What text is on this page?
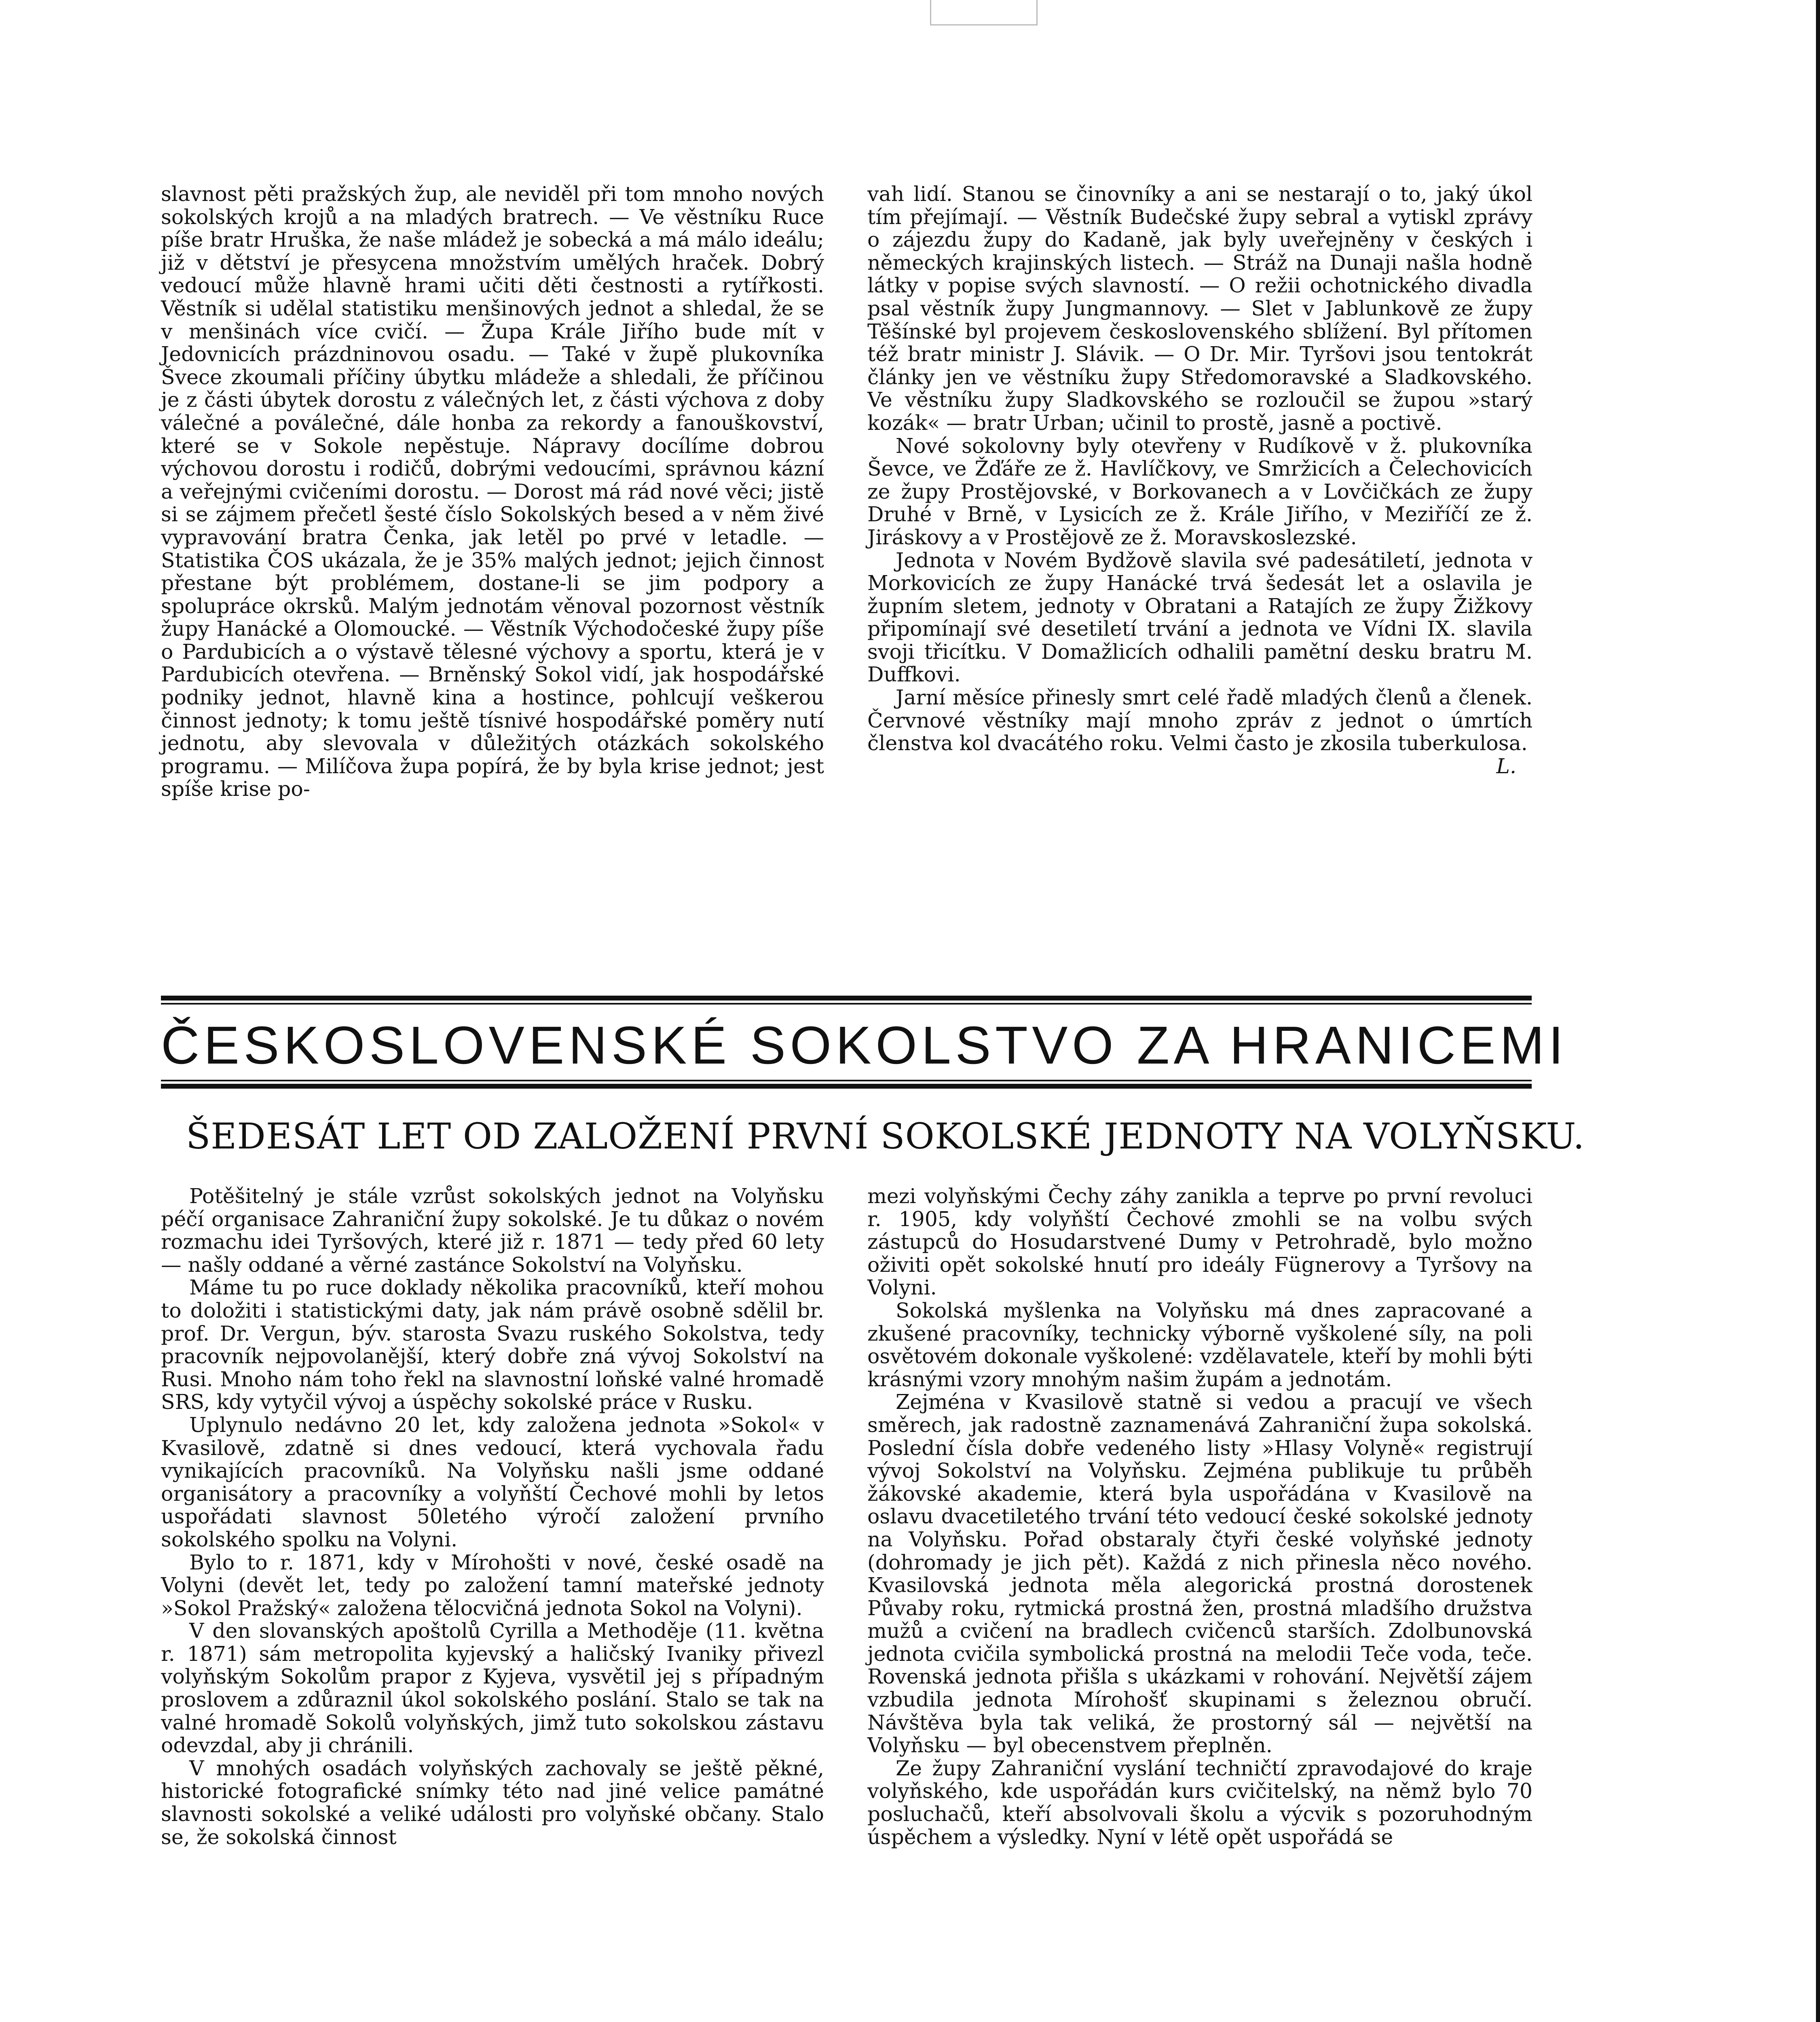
slavnost pěti pražských žup, ale neviděl při tom mnoho nových sokolských krojů a na mladých bratrech. — Ve věstníku Ruce píše bratr Hruška, že naše mládež je sobecká a má málo ideálu; již v dětství je přesycena množstvím umělých hraček. Dobrý vedoucí může hlavně hrami učiti děti čestnosti a rytířkosti. Věstník si udělal statistiku menšinových jednot a shledal, že se v menšinách více cvičí. — Župa Krále Jiřího bude mít v Jedovnicích prázdninovou osadu. — Také v župě plukovníka Švece zkoumali příčiny úbytku mládeže a shledali, že příčinou je z části úbytek dorostu z válečných let, z části výchova z doby válečné a poválečné, dále honba za rekordy a fanouškovství, které se v Sokole nepěstuje. Nápravy docílíme dobrou výchovou dorostu i rodičů, dobrými vedoucími, správnou kázní a veřejnými cvičeními dorostu. — Dorost má rád nové věci; jistě si se zájmem přečetl šesté číslo Sokolských besed a v něm živé vypravování bratra Čenka, jak letěl po prvé v letadle. — Statistika ČOS ukázala, že je 35% malých jednot; jejich činnost přestane být problémem, dostane-li se jim podpory a spolupráce okrsků. Malým jednotám věnoval pozornost věstník župy Hanácké a Olomoucké. — Věstník Východočeské župy píše o Pardubicích a o výstavě tělesné výchovy a sportu, která je v Pardubicích otevřena. — Brněnský Sokol vidí, jak hospodářské podniky jednot, hlavně kina a hostince, pohlcují veškerou činnost jednoty; k tomu ještě tísnivé hospodářské poměry nutí jednotu, aby slevovala v důležitých otázkách sokolského programu. — Milíčova župa popírá, že by byla krise jednot; jest spíše krise po-

vah lidí. Stanou se činovníky a ani se nestarají o to, jaký úkol tím přejímají. — Věstník Budečské župy sebral a vytiskl zprávy o zájezdu župy do Kadaně, jak byly uveřejněny v českých i německých krajinských listech. — Stráž na Dunaji našla hodně látky v popise svých slavností. — O režii ochotnického divadla psal věstník župy Jungmannovy. — Slet v Jablunkově ze župy Těšínské byl projevem československého sblížení. Byl přítomen též bratr ministr J. Slávik. — O Dr. Mir. Tyršovi jsou tentokrát články jen ve věstníku župy Středomoravské a Sladkovského. Ve věstníku župy Sladkovského se rozloučil se župou »starý kozák« — bratr Urban; učinil to prostě, jasně a poctivě.

Nové sokolovny byly otevřeny v Rudíkově v ž. plukovníka Ševce, ve Žďáře ze ž. Havlíčkovy, ve Smržicích a Čelechovicích ze župy Prostějovské, v Borkovanech a v Lovčičkách ze župy Druhé v Brně, v Lysicích ze ž. Krále Jiřího, v Meziříčí ze ž. Jiráskovy a v Prostějově ze ž. Moravskoslezské.

Jednota v Novém Bydžově slavila své padesátiletí, jednota v Morkovicích ze župy Hanácké trvá šedesát let a oslavila je župním sletem, jednoty v Obratani a Ratajích ze župy Žižkovy připomínají své desetiletí trvání a jednota ve Vídni IX. slavila svoji třicítku. V Domažlicích odhalili pamětní desku bratru M. Duffkovi.

Jarní měsíce přinesly smrt celé řadě mladých členů a členek. Červnové věstníky mají mnoho zpráv z jednot o úmrtích členstva kol dvacátého roku. Velmi často je zkosila tuberkulosa.
L.

ČESKOSLOVENSKÉ SOKOLSTVO ZA HRANICEMI
ŠEDESÁT LET OD ZALOŽENÍ PRVNÍ SOKOLSKÉ JEDNOTY NA VOLYŇSKU.

Potěšitelný je stále vzrůst sokolských jednot na Volyňsku péčí organisace Zahraniční župy sokolské. Je tu důkaz o novém rozmachu idei Tyršových, které již r. 1871 — tedy před 60 lety — našly oddané a věrné zastánce Sokolství na Volyňsku.

Máme tu po ruce doklady několika pracovníků, kteří mohou to doložiti i statistickými daty, jak nám právě osobně sdělil br. prof. Dr. Vergun, býv. starosta Svazu ruského Sokolstva, tedy pracovník nejpovolanější, který dobře zná vývoj Sokolství na Rusi. Mnoho nám toho řekl na slavnostní loňské valné hromadě SRS, kdy vytyčil vývoj a úspěchy sokolské práce v Rusku.

Uplynulo nedávno 20 let, kdy založena jednota »Sokol« v Kvasilově, zdatně si dnes vedoucí, která vychovala řadu vynikajících pracovníků. Na Volyňsku našli jsme oddané organisátory a pracovníky a volyňští Čechové mohli by letos uspořádati slavnost 50letého výročí založení prvního sokolského spolku na Volyni.

Bylo to r. 1871, kdy v Mírohošti v nové, české osadě na Volyni (devět let, tedy po založení tamní mateřské jednoty »Sokol Pražský« založena tělocvičná jednota Sokol na Volyni).

V den slovanských apoštolů Cyrilla a Methoděje (11. května r. 1871) sám metropolita kyjevský a haličský Ivaniky přivezl volyňským Sokolům prapor z Kyjeva, vysvětil jej s případným proslovem a zdůraznil úkol sokolského poslání. Stalo se tak na valné hromadě Sokolů volyňských, jimž tuto sokolskou zástavu odevzdal, aby ji chránili.

V mnohých osadách volyňských zachovaly se ještě pěkné, historické fotografické snímky této nad jiné velice památné slavnosti sokolské a veliké události pro volyňské občany. Stalo se, že sokolská činnost

mezi volyňskými Čechy záhy zanikla a teprve po první revoluci r. 1905, kdy volyňští Čechové zmohli se na volbu svých zástupců do Hosudarstvené Dumy v Petrohradě, bylo možno oživiti opět sokolské hnutí pro ideály Fügnerovy a Tyršovy na Volyni.

Sokolská myšlenka na Volyňsku má dnes zapracované a zkušené pracovníky, technicky výborně vyškolené síly, na poli osvětovém dokonale vyškolené: vzdělavatele, kteří by mohli býti krásnými vzory mnohým našim župám a jednotám.

Zejména v Kvasilově statně si vedou a pracují ve všech směrech, jak radostně zaznamenává Zahraniční župa sokolská. Poslední čísla dobře vedeného listy »Hlasy Volyně« registrují vývoj Sokolství na Volyňsku. Zejména publikuje tu průběh žákovské akademie, která byla uspořádána v Kvasilově na oslavu dvacetiletého trvání této vedoucí české sokolské jednoty na Volyňsku. Pořad obstaraly čtyři české volyňské jednoty (dohromady je jich pět). Každá z nich přinesla něco nového. Kvasilovská jednota měla alegorická prostná dorostenek Půvaby roku, rytmická prostná žen, prostná mladšího družstva mužů a cvičení na bradlech cvičenců starších. Zdolbunovská jednota cvičila symbolická prostná na melodii Teče voda, teče. Rovenská jednota přišla s ukázkami v rohování. Největší zájem vzbudila jednota Mírohošť skupinami s železnou obručí. Návštěva byla tak veliká, že prostorný sál — největší na Volyňsku — byl obecenstvem přeplněn.

Ze župy Zahraniční vyslání techničtí zpravodajové do kraje volyňského, kde uspořádán kurs cvičitelský, na němž bylo 70 posluchačů, kteří absolvovali školu a výcvik s pozoruhodným úspěchem a výsledky. Nyní v létě opět uspořádá se
